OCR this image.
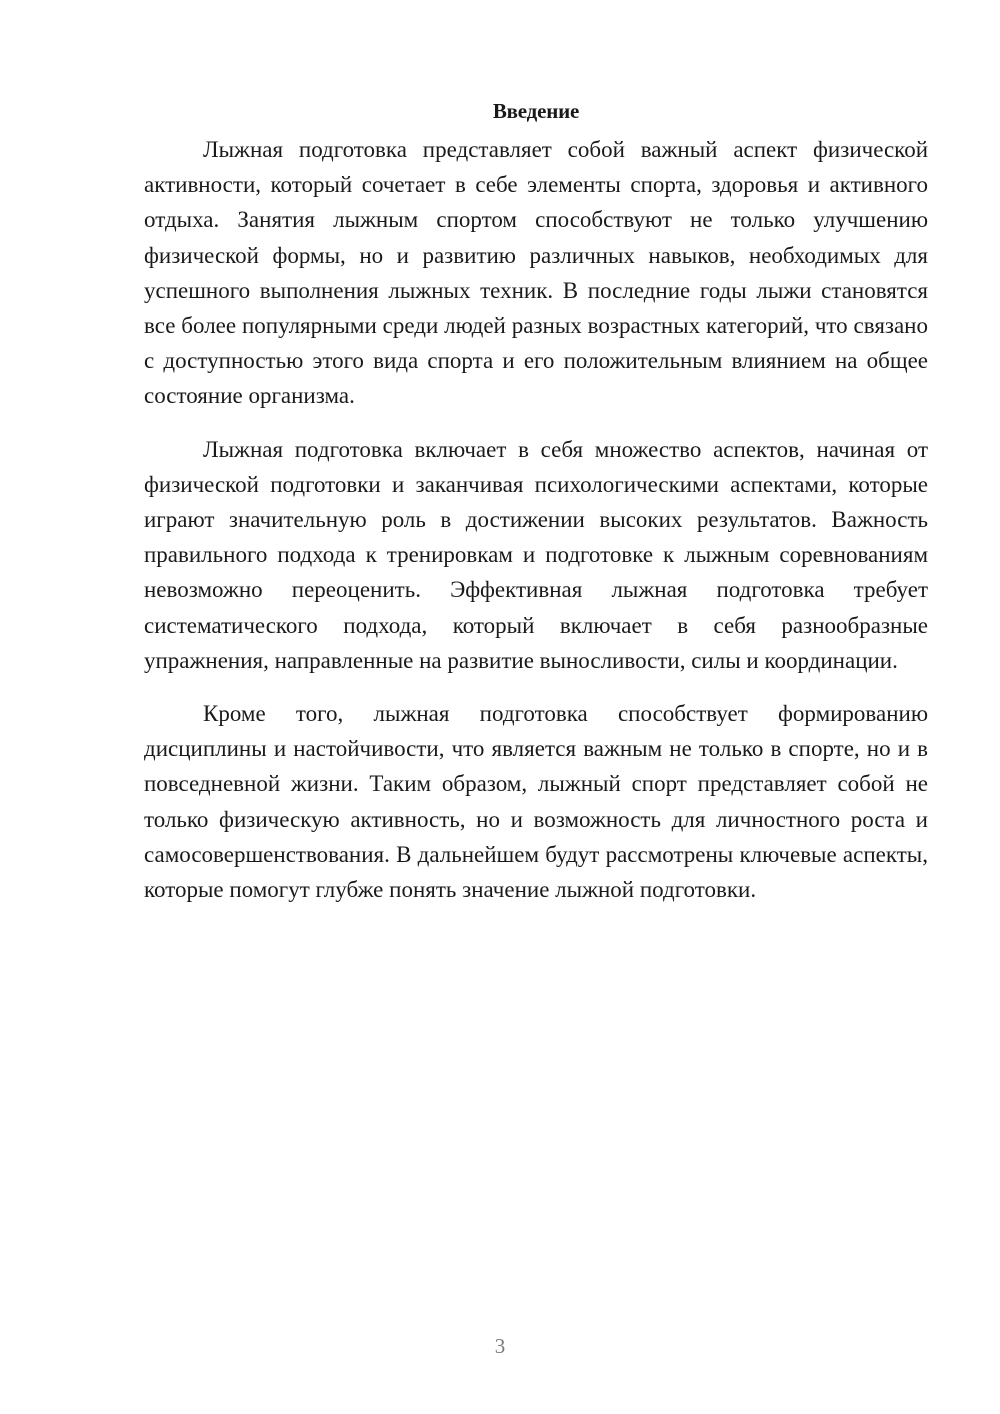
Введение

Лыжная подготовка представляет собой важный аспект физической активности, который сочетает в себе элементы спорта, здоровья и активного отдыха. Занятия лыжным спортом способствуют не только улучшению физической формы, но и развитию различных навыков, необходимых для успешного выполнения лыжных техник. В последние годы лыжи становятся все более популярными среди людей разных возрастных категорий, что связано с доступностью этого вида спорта и его положительным влиянием на общее состояние организма.

Лыжная подготовка включает в себя множество аспектов, начиная от физической подготовки и заканчивая психологическими аспектами, которые играют значительную роль в достижении высоких результатов. Важность правильного подхода к тренировкам и подготовке к лыжным соревнованиям невозможно переоценить. Эффективная лыжная подготовка требует систематического подхода, который включает в себя разнообразные упражнения, направленные на развитие выносливости, силы и координации.

Кроме того, лыжная подготовка способствует формированию дисциплины и настойчивости, что является важным не только в спорте, но и в повседневной жизни. Таким образом, лыжный спорт представляет собой не только физическую активность, но и возможность для личностного роста и самосовершенствования. В дальнейшем будут рассмотрены ключевые аспекты, которые помогут глубже понять значение лыжной подготовки.

3
